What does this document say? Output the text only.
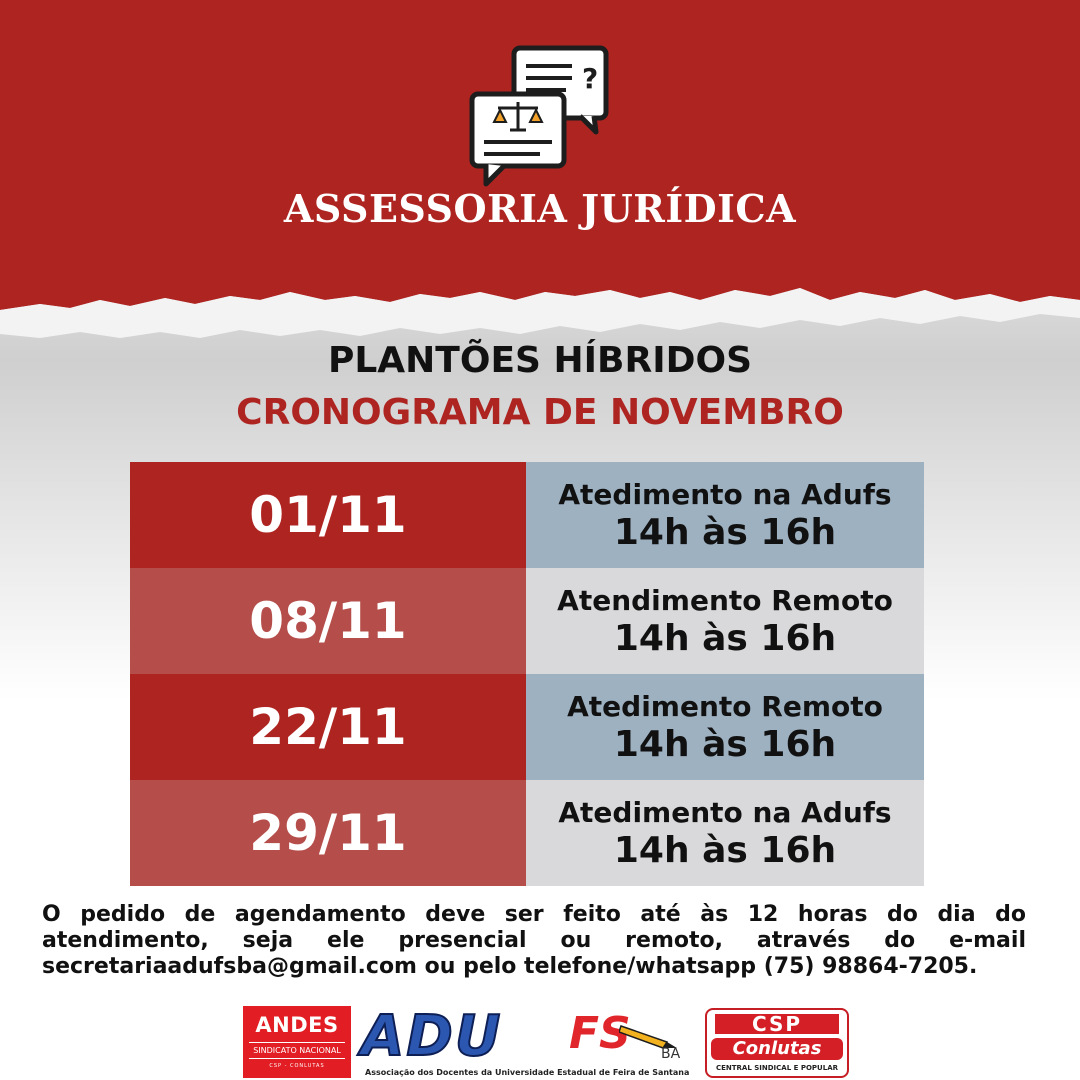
?
ASSESSORIA JURÍDICA
PLANTÕES HÍBRIDOS
CRONOGRAMA DE NOVEMBRO
01/11	Atedimento na Adufs
14h às 16h
08/11	Atendimento Remoto
14h às 16h
22/11	Atedimento Remoto
14h às 16h
29/11	Atedimento na Adufs
14h às 16h
O pedido de agendamento deve ser feito até às 12 horas do dia do atendimento, seja ele presencial ou remoto, através do e-mail secretariaadufsba@gmail.com ou pelo telefone/whatsapp (75) 98864-7205.
ANDES
SINDICATO NACIONAL
CSP - CONLUTAS ADU FS BA
Associação dos Docentes da Universidade Estadual de Feira de Santana
CSP
Conlutas
CENTRAL SINDICAL E POPULAR
